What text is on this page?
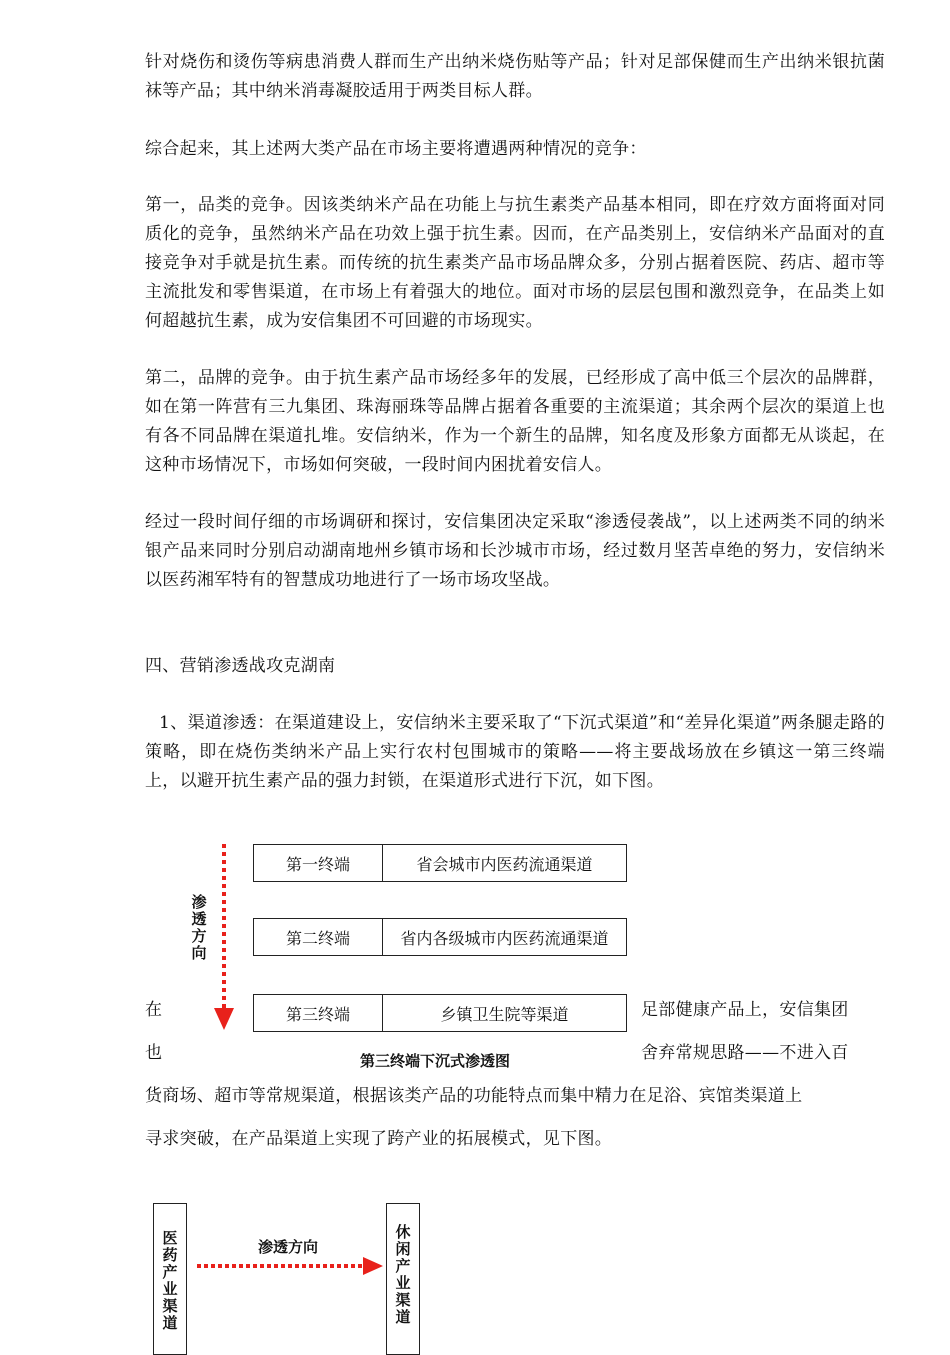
针对烧伤和烫伤等病患消费人群而生产出纳米烧伤贴等产品；针对足部保健而生产出纳米银抗菌袜等产品；其中纳米消毒凝胶适用于两类目标人群。

综合起来，其上述两大类产品在市场主要将遭遇两种情况的竞争：

第一，品类的竞争。因该类纳米产品在功能上与抗生素类产品基本相同，即在疗效方面将面对同质化的竞争，虽然纳米产品在功效上强于抗生素。因而，在产品类别上，安信纳米产品面对的直接竞争对手就是抗生素。而传统的抗生素类产品市场品牌众多，分别占据着医院、药店、超市等主流批发和零售渠道，在市场上有着强大的地位。面对市场的层层包围和激烈竞争，在品类上如何超越抗生素，成为安信集团不可回避的市场现实。

第二，品牌的竞争。由于抗生素产品市场经多年的发展，已经形成了高中低三个层次的品牌群，如在第一阵营有三九集团、珠海丽珠等品牌占据着各重要的主流渠道；其余两个层次的渠道上也有各不同品牌在渠道扎堆。安信纳米，作为一个新生的品牌，知名度及形象方面都无从谈起，在这种市场情况下，市场如何突破，一段时间内困扰着安信人。

经过一段时间仔细的市场调研和探讨，安信集团决定采取“渗透侵袭战”，以上述两类不同的纳米银产品来同时分别启动湖南地州乡镇市场和长沙城市市场，经过数月坚苦卓绝的努力，安信纳米以医药湘军特有的智慧成功地进行了一场市场攻坚战。

四、营销渗透战攻克湖南

1、渠道渗透：在渠道建设上，安信纳米主要采取了“下沉式渠道”和“差异化渠道”两条腿走路的策略，即在烧伤类纳米产品上实行农村包围城市的策略——将主要战场放在乡镇这一第三终端上，以避开抗生素产品的强力封锁，在渠道形式进行下沉，如下图。

渗透方向
第一终端	省会城市内医药流通渠道
第二终端	省内各级城市内医药流通渠道
第三终端	乡镇卫生院等渠道
第三终端下沉式渗透图
在	足部健康产品上，安信集团
也	舍弃常规思路——不进入百
货商场、超市等常规渠道，根据该类产品的功能特点而集中精力在足浴、宾馆类渠道上
寻求突破，在产品渠道上实现了跨产业的拓展模式，见下图。
医药产业渠道
休闲产业渠道
渗透方向
